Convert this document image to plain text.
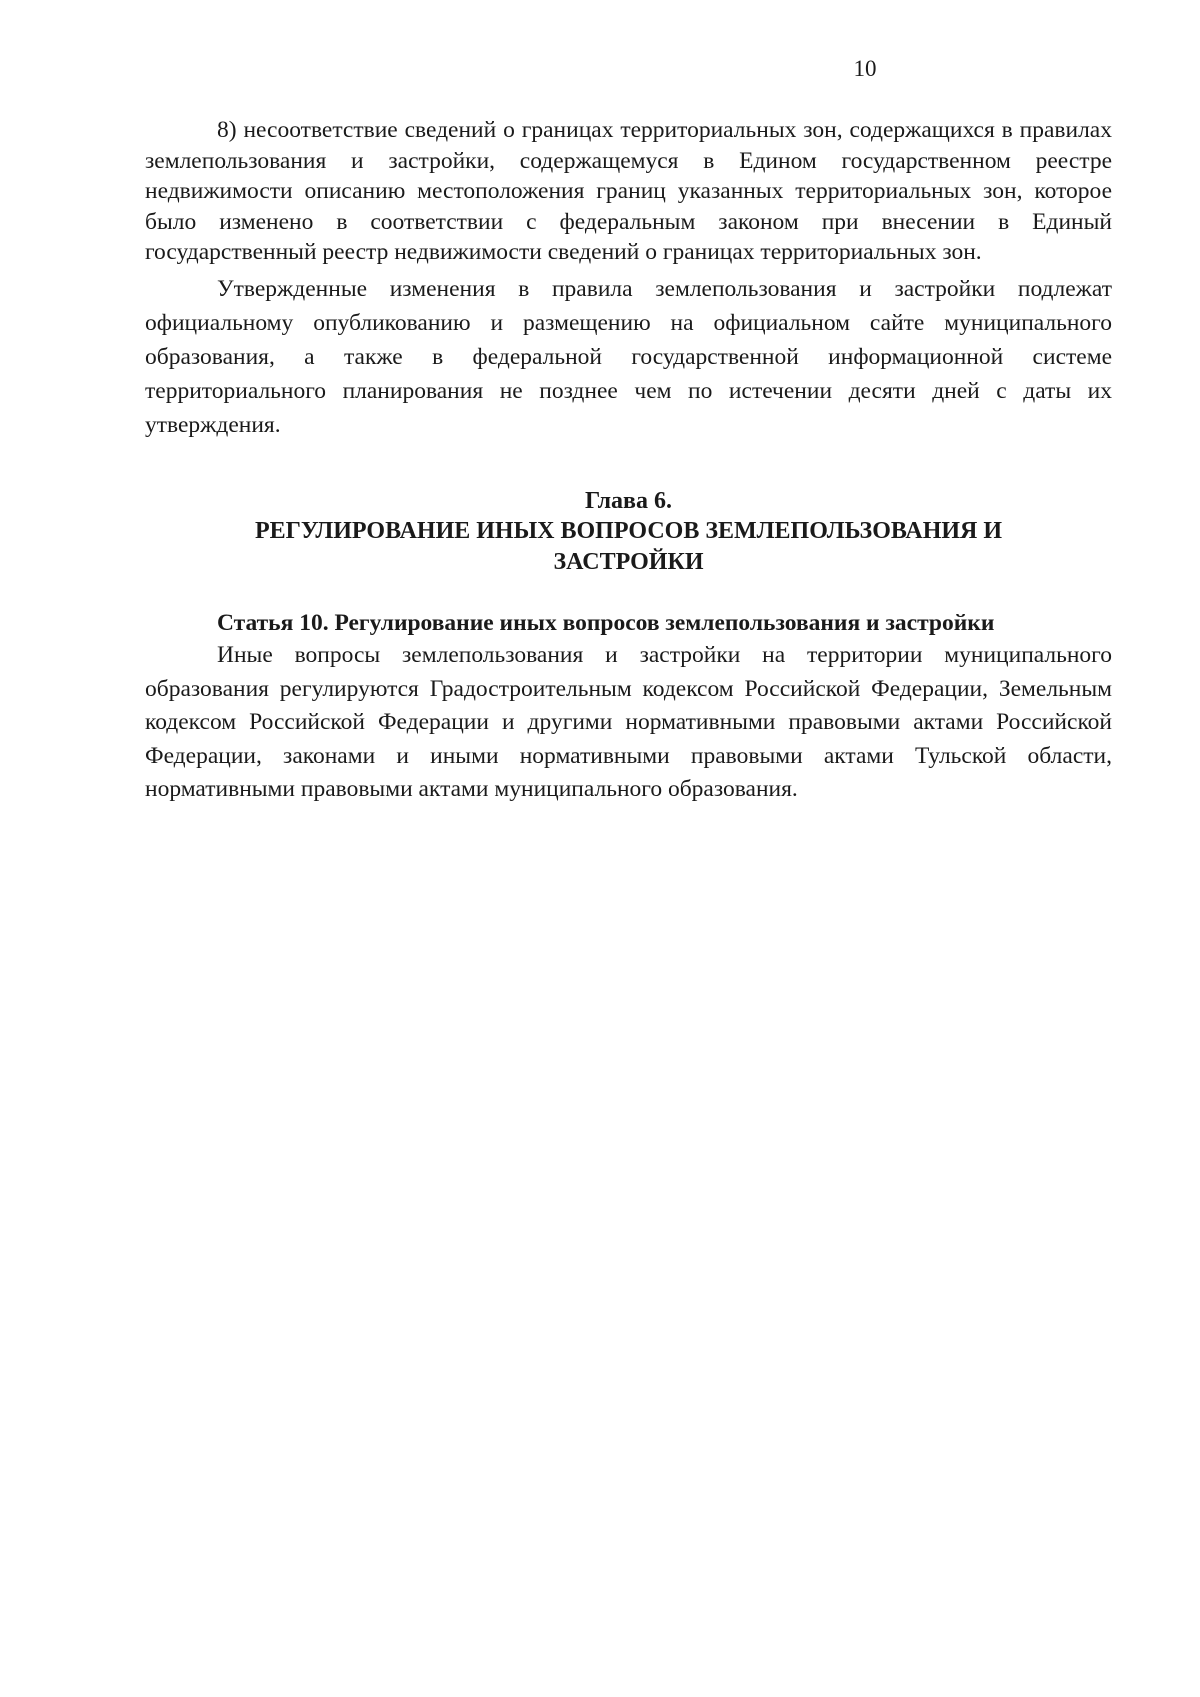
10

8) несоответствие сведений о границах территориальных зон, содержащихся в правилах землепользования и застройки, содержащемуся в Едином государственном реестре недвижимости описанию местоположения границ указанных территориальных зон, которое было изменено в соответствии с федеральным законом при внесении в Единый государственный реестр недвижимости сведений о границах территориальных зон.

Утвержденные изменения в правила землепользования и застройки подлежат официальному опубликованию и размещению на официальном сайте муниципального образования, а также в федеральной государственной информационной системе территориального планирования не позднее чем по истечении десяти дней с даты их утверждения.

Глава 6.
РЕГУЛИРОВАНИЕ ИНЫХ ВОПРОСОВ ЗЕМЛЕПОЛЬЗОВАНИЯ И ЗАСТРОЙКИ
Статья 10. Регулирование иных вопросов землепользования и застройки

Иные вопросы землепользования и застройки на территории муниципального образования регулируются Градостроительным кодексом Российской Федерации, Земельным кодексом Российской Федерации и другими нормативными правовыми актами Российской Федерации, законами и иными нормативными правовыми актами Тульской области, нормативными правовыми актами муниципального образования.
